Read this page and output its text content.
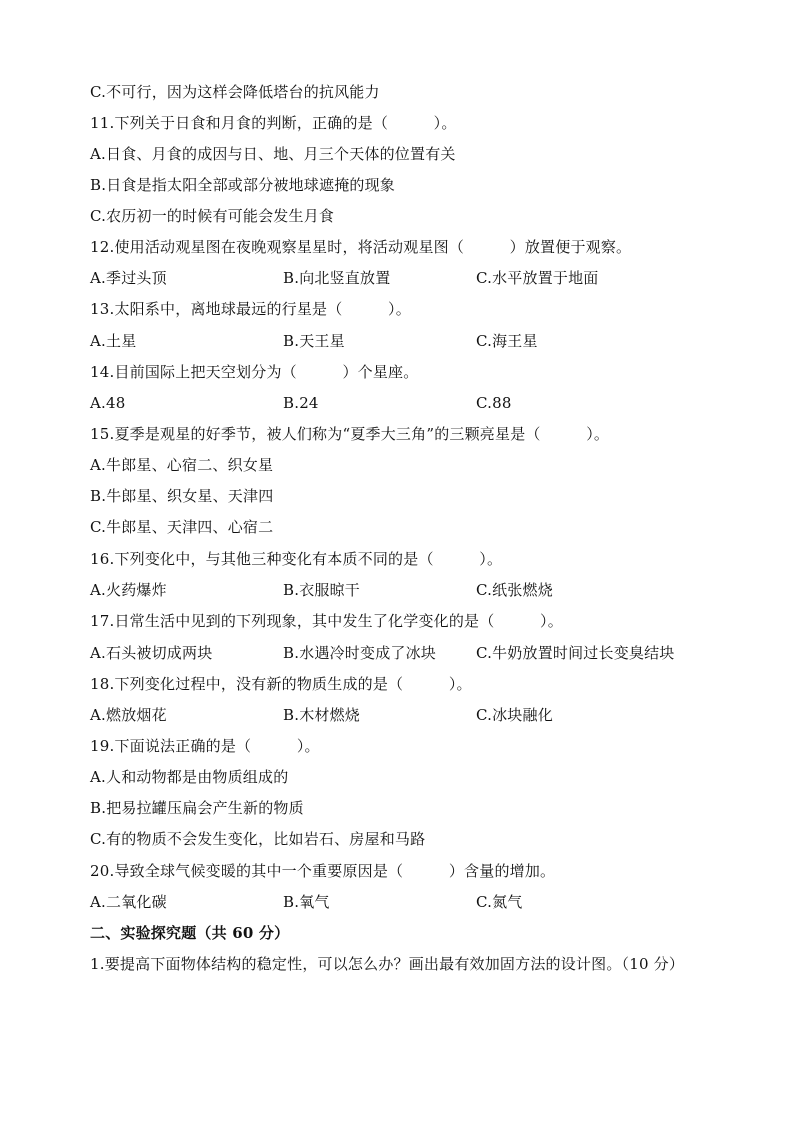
C.不可行，因为这样会降低塔台的抗风能力
11.下列关于日食和月食的判断，正确的是（　　　）。
A.日食、月食的成因与日、地、月三个天体的位置有关
B.日食是指太阳全部或部分被地球遮掩的现象
C.农历初一的时候有可能会发生月食
12.使用活动观星图在夜晚观察星星时，将活动观星图（　　　）放置便于观察。
A.季过头顶	B.向北竖直放置	C.水平放置于地面
13.太阳系中，离地球最远的行星是（　　　）。
A.土星	B.天王星	C.海王星
14.目前国际上把天空划分为（　　　）个星座。
A.48	B.24	C.88
15.夏季是观星的好季节，被人们称为“夏季大三角”的三颗亮星是（　　　）。
A.牛郎星、心宿二、织女星
B.牛郎星、织女星、天津四
C.牛郎星、天津四、心宿二
16.下列变化中，与其他三种变化有本质不同的是（　　　）。
A.火药爆炸	B.衣服晾干	C.纸张燃烧
17.日常生活中见到的下列现象，其中发生了化学变化的是（　　　）。
A.石头被切成两块	B.水遇冷时变成了冰块	C.牛奶放置时间过长变臭结块
18.下列变化过程中，没有新的物质生成的是（　　　）。
A.燃放烟花	B.木材燃烧	C.冰块融化
19.下面说法正确的是（　　　）。
A.人和动物都是由物质组成的
B.把易拉罐压扁会产生新的物质
C.有的物质不会发生变化，比如岩石、房屋和马路
20.导致全球气候变暖的其中一个重要原因是（　　　）含量的增加。
A.二氧化碳	B.氧气	C.氮气
二、实验探究题（共 60 分）
1.要提高下面物体结构的稳定性，可以怎么办？画出最有效加固方法的设计图。（10 分）
